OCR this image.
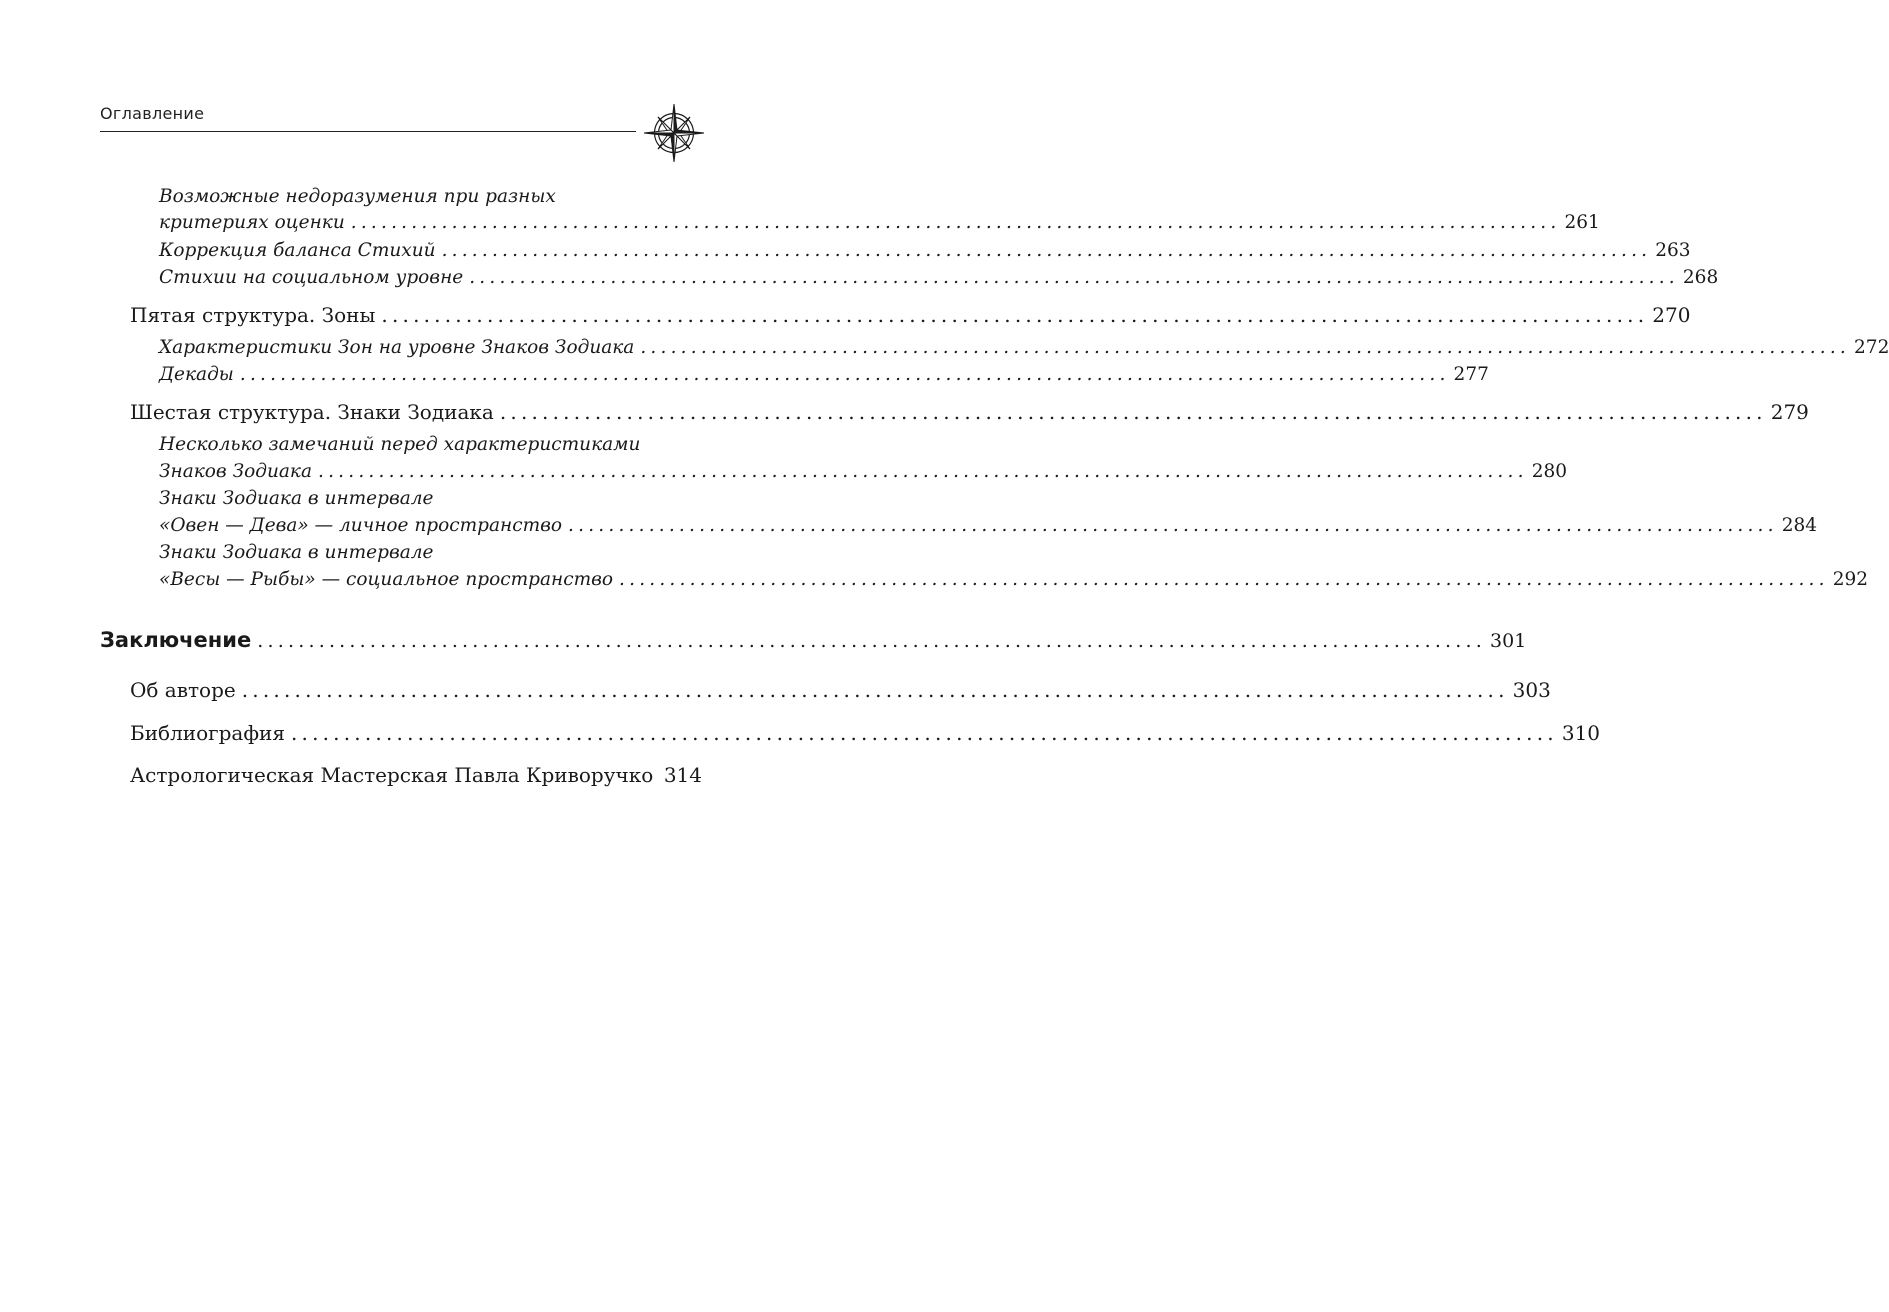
Оглавление
Возможные недоразумения при разных
критериях оценки ........................................................................................................................ 261
Коррекция баланса Стихий ........................................................................................................................ 263
Стихии на социальном уровне ........................................................................................................................ 268
Пятая структура. Зоны ........................................................................................................................ 270
Характеристики Зон на уровне Знаков Зодиака ........................................................................................................................ 272
Декады ........................................................................................................................ 277
Шестая структура. Знаки Зодиака ........................................................................................................................ 279
Несколько замечаний перед характеристиками
Знаков Зодиака ........................................................................................................................ 280
Знаки Зодиака в интервале
«Овен — Дева» — личное пространство ........................................................................................................................ 284
Знаки Зодиака в интервале
«Весы — Рыбы» — социальное пространство ........................................................................................................................ 292
Заключение ........................................................................................................................ 301
Об авторе ........................................................................................................................ 303
Библиография ........................................................................................................................ 310
Астрологическая Мастерская Павла Криворучко 314
